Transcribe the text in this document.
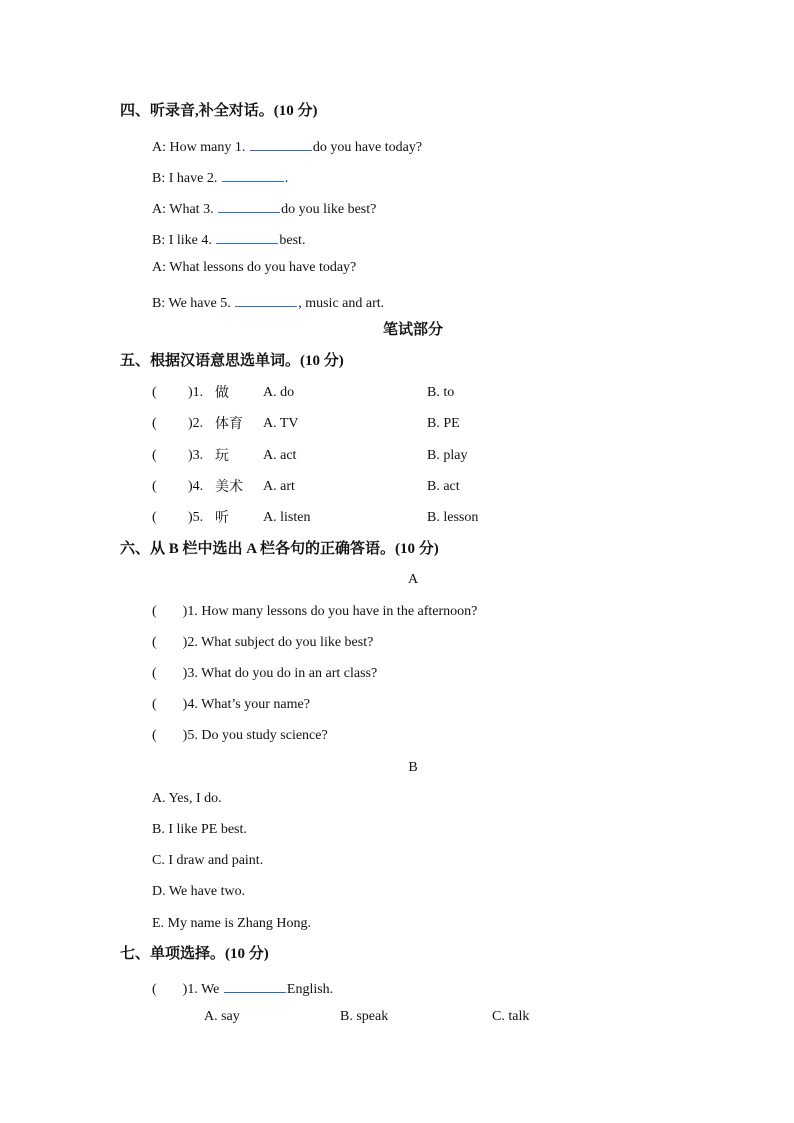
四、听录音,补全对话。(10 分)
A: How many 1.	do you have today?
B: I have 2.	.
A: What 3.	do you like best?
B: I like 4.	best.
A: What lessons do you have today?
B: We have 5.	, music and art.
笔试部分
五、根据汉语意思选单词。(10 分)
( )1. 做 A. do	B. to
( )2. 体育 A. TV	B. PE
( )3. 玩 A. act	B. play
( )4. 美术 A. art	B. act
( )5. 听 A. listen	B. lesson
六、从 B 栏中选出 A 栏各句的正确答语。(10 分)
A
( )1. How many lessons do you have in the afternoon?
( )2. What subject do you like best?
( )3. What do you do in an art class?
( )4. What’s your name?
( )5. Do you study science?
B
A. Yes, I do.
B. I like PE best.
C. I draw and paint.
D. We have two.
E. My name is Zhang Hong.
七、单项选择。(10 分)
( )1. We	English.
A. say	B. speak	C. talk
